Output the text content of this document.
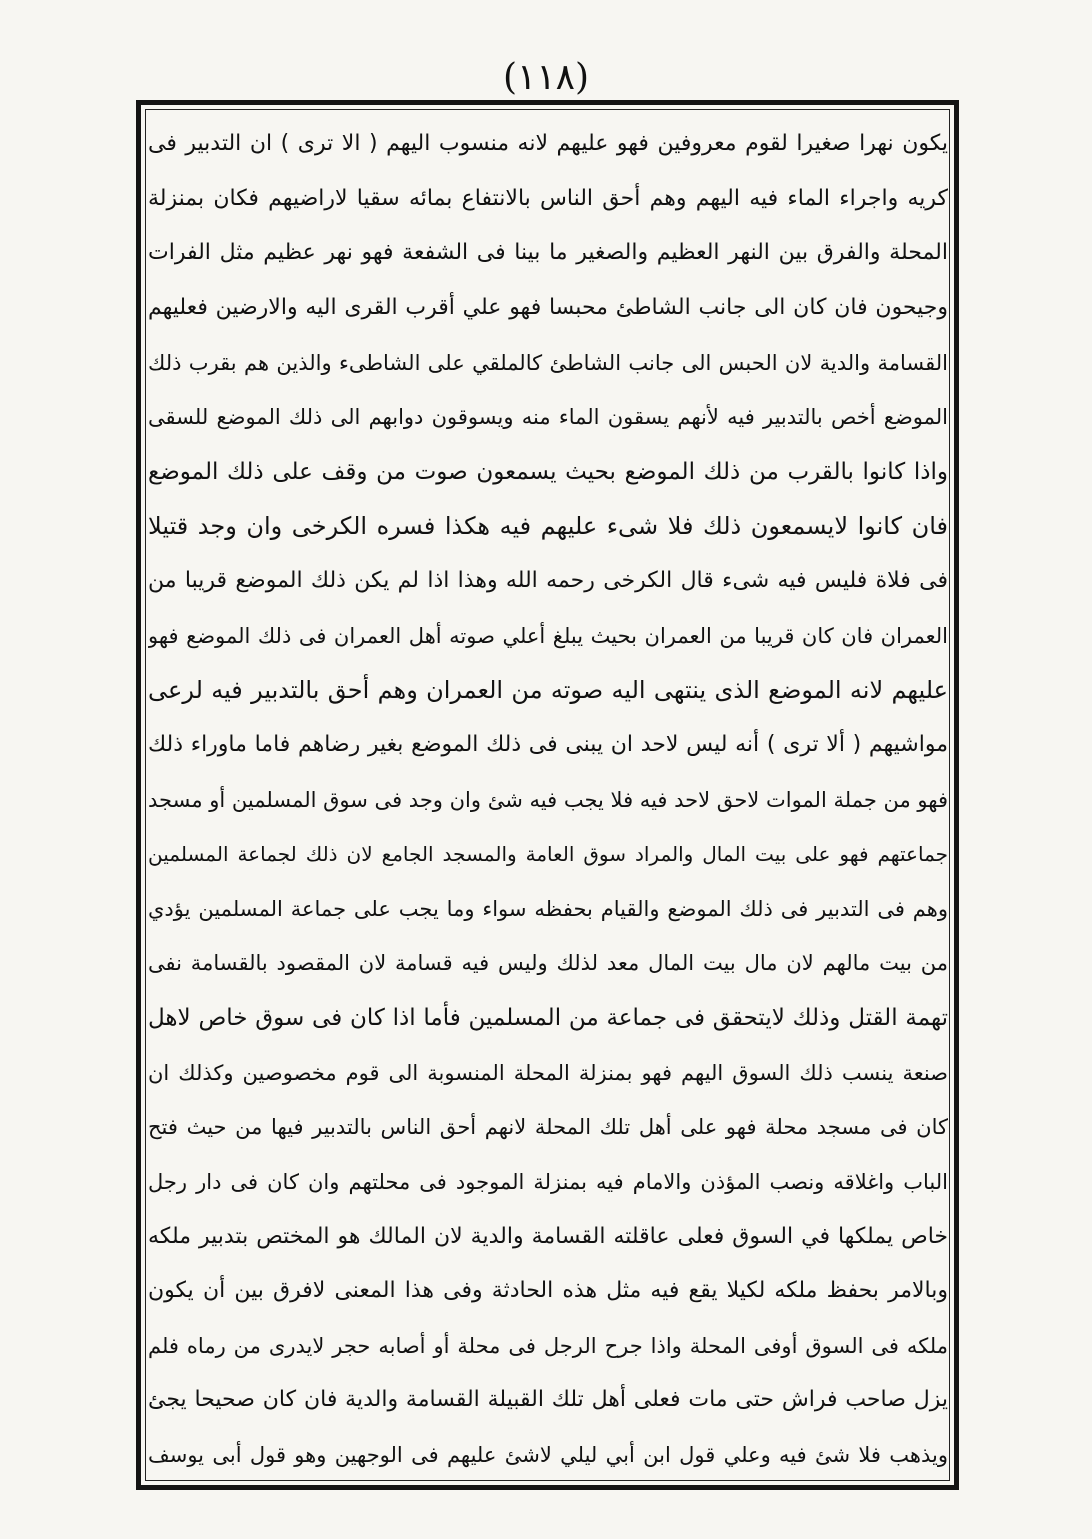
(١١٨)
يكون نهرا صغيرا لقوم معروفين فهو عليهم لانه منسوب اليهم ( الا ترى ) ان التدبير فى
كريه واجراء الماء فيه اليهم وهم أحق الناس بالانتفاع بمائه سقيا لاراضيهم فكان بمنزلة
المحلة والفرق بين النهر العظيم والصغير ما بينا فى الشفعة فهو نهر عظيم مثل الفرات
وجيحون فان كان الى جانب الشاطئ محبسا فهو علي أقرب القرى اليه والارضين فعليهم
القسامة والدية لان الحبس الى جانب الشاطئ كالملقي على الشاطىء والذين هم بقرب ذلك
الموضع أخص بالتدبير فيه لأنهم يسقون الماء منه ويسوقون دوابهم الى ذلك الموضع للسقى
واذا كانوا بالقرب من ذلك الموضع بحيث يسمعون صوت من وقف على ذلك الموضع
فان كانوا لايسمعون ذلك فلا شىء عليهم فيه هكذا فسره الكرخى وان وجد قتيلا
فى فلاة فليس فيه شىء قال الكرخى رحمه الله وهذا اذا لم يكن ذلك الموضع قريبا من
العمران فان كان قريبا من العمران بحيث يبلغ أعلي صوته أهل العمران فى ذلك الموضع فهو
عليهم لانه الموضع الذى ينتهى اليه صوته من العمران وهم أحق بالتدبير فيه لرعى
مواشيهم ( ألا ترى ) أنه ليس لاحد ان يبنى فى ذلك الموضع بغير رضاهم فاما ماوراء ذلك
فهو من جملة الموات لاحق لاحد فيه فلا يجب فيه شئ وان وجد فى سوق المسلمين أو مسجد
جماعتهم فهو على بيت المال والمراد سوق العامة والمسجد الجامع لان ذلك لجماعة المسلمين
وهم فى التدبير فى ذلك الموضع والقيام بحفظه سواء وما يجب على جماعة المسلمين يؤدي
من بيت مالهم لان مال بيت المال معد لذلك وليس فيه قسامة لان المقصود بالقسامة نفى
تهمة القتل وذلك لايتحقق فى جماعة من المسلمين فأما اذا كان فى سوق خاص لاهل
صنعة ينسب ذلك السوق اليهم فهو بمنزلة المحلة المنسوبة الى قوم مخصوصين وكذلك ان
كان فى مسجد محلة فهو على أهل تلك المحلة لانهم أحق الناس بالتدبير فيها من حيث فتح
الباب واغلاقه ونصب المؤذن والامام فيه بمنزلة الموجود فى محلتهم وان كان فى دار رجل
خاص يملكها في السوق فعلى عاقلته القسامة والدية لان المالك هو المختص بتدبير ملكه
وبالامر بحفظ ملكه لكيلا يقع فيه مثل هذه الحادثة وفى هذا المعنى لافرق بين أن يكون
ملكه فى السوق أوفى المحلة واذا جرح الرجل فى محلة أو أصابه حجر لايدرى من رماه فلم
يزل صاحب فراش حتى مات فعلى أهل تلك القبيلة القسامة والدية فان كان صحيحا يجئ
ويذهب فلا شئ فيه وعلي قول ابن أبي ليلي لاشئ عليهم فى الوجهين وهو قول أبى يوسف
